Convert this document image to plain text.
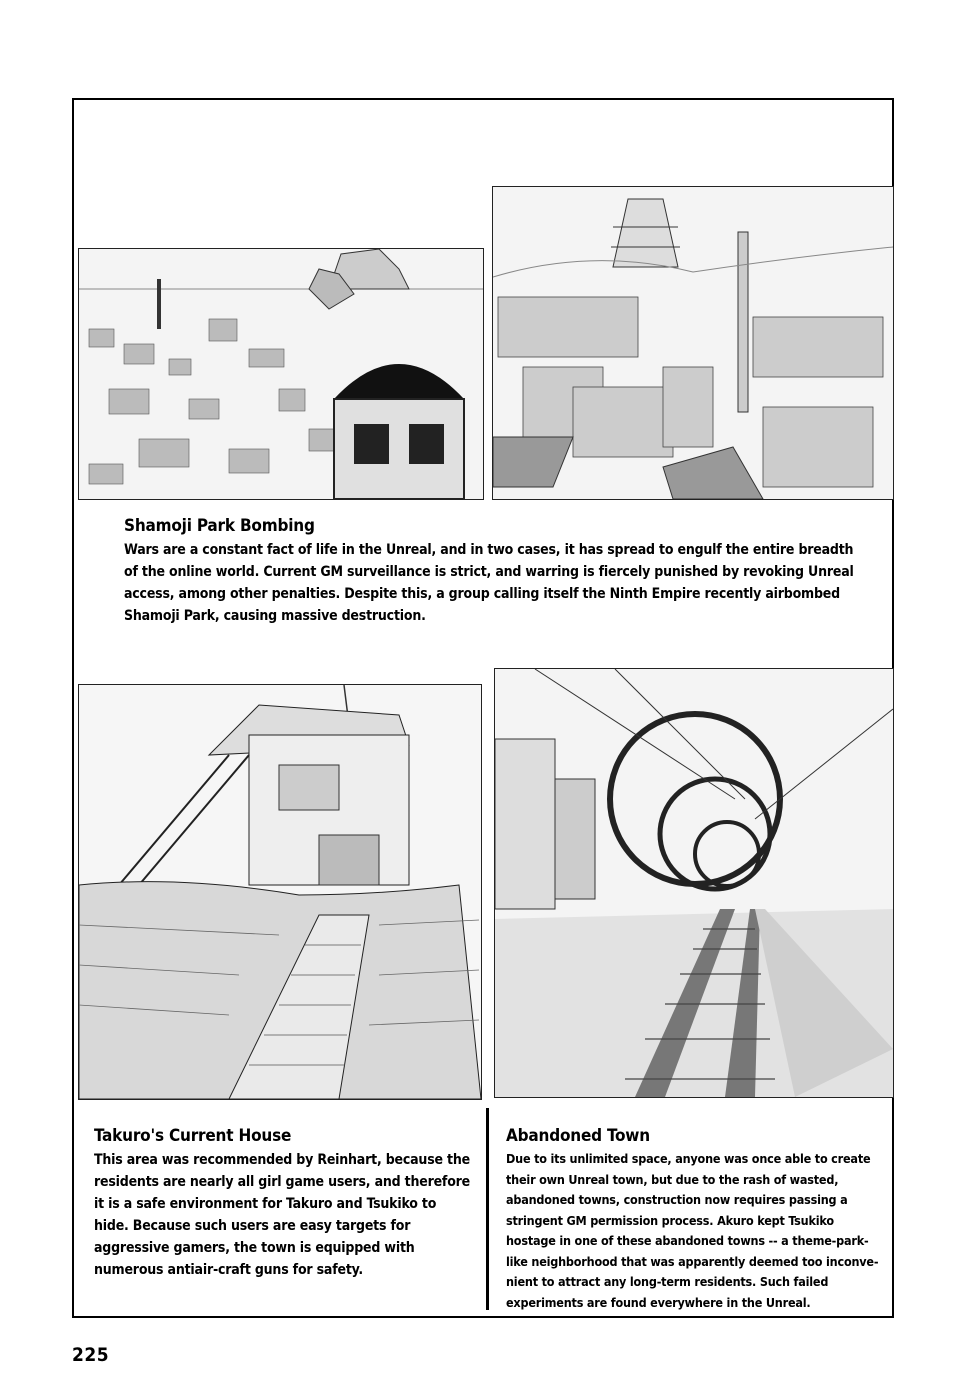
Shamoji Park Bombing

Wars are a constant fact of life in the Unreal, and in two cases, it has spread to engulf the entire breadth of the online world. Current GM surveillance is strict, and warring is fiercely punished by revoking Unreal access, among other penalties. Despite this, a group calling itself the Ninth Empire recently airbombed Shamoji Park, causing massive destruction.

Takuro's Current House

This area was recommended by Reinhart, because the residents are nearly all girl game users, and therefore it is a safe environment for Takuro and Tsukiko to hide. Because such users are easy targets for aggressive gamers, the town is equipped with numerous antiair-craft guns for safety.

Abandoned Town

Due to its unlimited space, anyone was once able to create their own Unreal town, but due to the rash of wasted, abandoned towns, construction now requires passing a stringent GM permission process. Akuro kept Tsukiko hostage in one of these abandoned towns -- a theme-park-like neighborhood that was apparently deemed too inconve-nient to attract any long-term residents. Such failed experiments are found everywhere in the Unreal.

225
